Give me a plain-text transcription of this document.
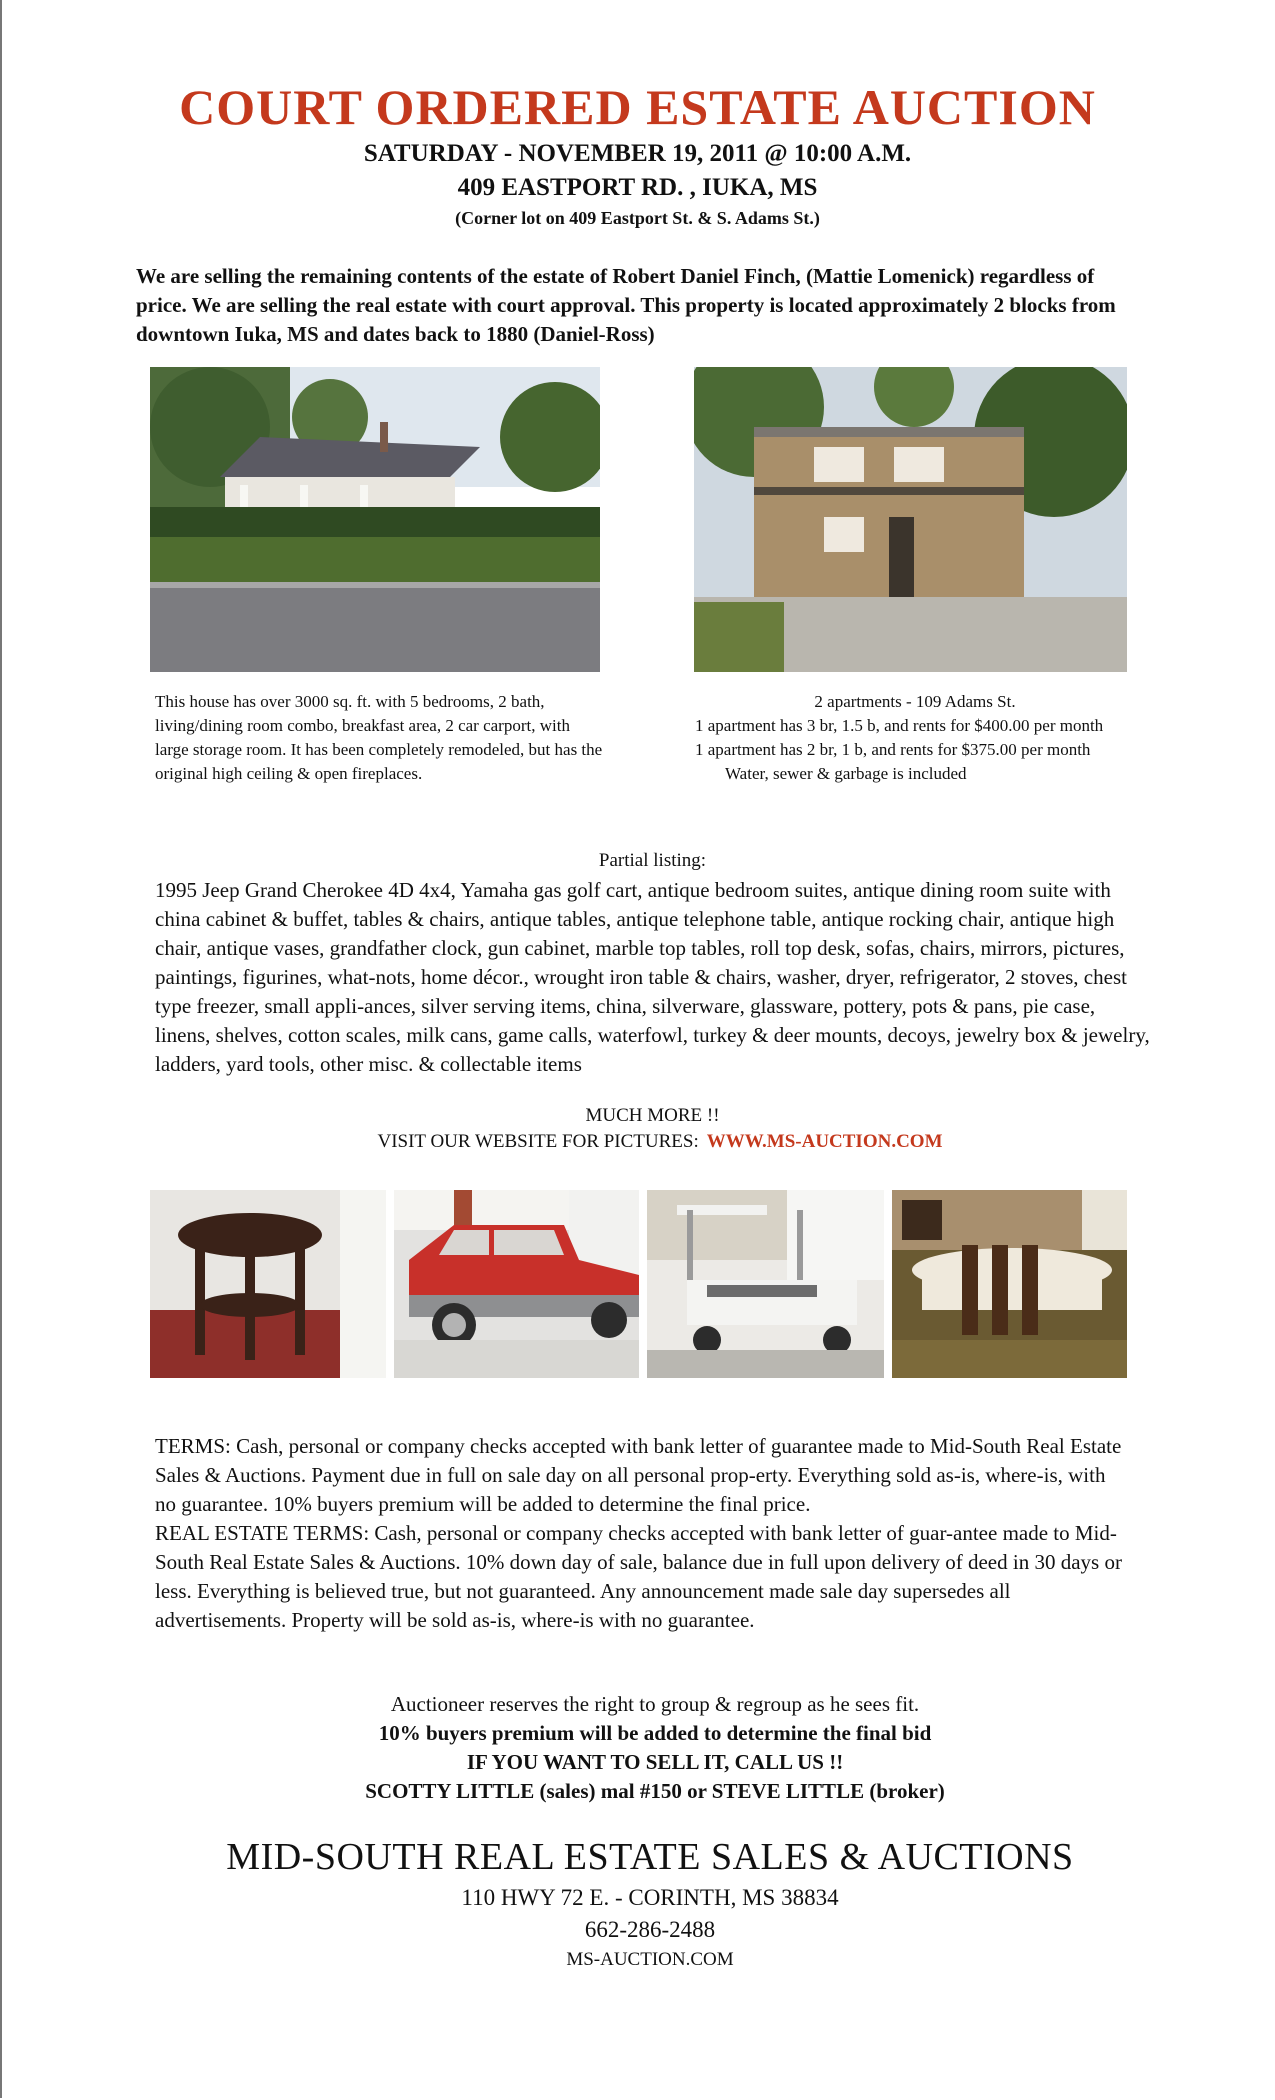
COURT ORDERED ESTATE AUCTION
SATURDAY - NOVEMBER 19, 2011 @ 10:00 A.M.
409 EASTPORT RD. , IUKA, MS
(Corner lot on 409 Eastport St. & S. Adams St.)
We are selling the remaining contents of the estate of Robert Daniel Finch, (Mattie Lomenick) regardless of price. We are selling the real estate with court approval. This property is located approximately 2 blocks from downtown Iuka, MS and dates back to 1880 (Daniel-Ross)
This house has over 3000 sq. ft. with 5 bedrooms, 2 bath, living/dining room combo, breakfast area, 2 car carport, with large storage room. It has been completely remodeled, but has the original high ceiling & open fireplaces.
2 apartments - 109 Adams St.
1 apartment has 3 br, 1.5 b, and rents for $400.00 per month
1 apartment has 2 br, 1 b, and rents for $375.00 per month
Water, sewer & garbage is included
Partial listing:
1995 Jeep Grand Cherokee 4D 4x4, Yamaha gas golf cart, antique bedroom suites, antique dining room suite with china cabinet & buffet, tables & chairs, antique tables, antique telephone table, antique rocking chair, antique high chair, antique vases, grandfather clock, gun cabinet, marble top tables, roll top desk, sofas, chairs, mirrors, pictures, paintings, figurines, what-nots, home décor., wrought iron table & chairs, washer, dryer, refrigerator, 2 stoves, chest type freezer, small appli-ances, silver serving items, china, silverware, glassware, pottery, pots & pans, pie case, linens, shelves, cotton scales, milk cans, game calls, waterfowl, turkey & deer mounts, decoys, jewelry box & jewelry, ladders, yard tools, other misc. & collectable items
MUCH MORE !!
VISIT OUR WEBSITE FOR PICTURES: WWW.MS-AUCTION.COM
TERMS: Cash, personal or company checks accepted with bank letter of guarantee made to Mid-South Real Estate Sales & Auctions. Payment due in full on sale day on all personal prop-erty. Everything sold as-is, where-is, with no guarantee. 10% buyers premium will be added to determine the final price.
REAL ESTATE TERMS: Cash, personal or company checks accepted with bank letter of guar-antee made to Mid-South Real Estate Sales & Auctions. 10% down day of sale, balance due in full upon delivery of deed in 30 days or less. Everything is believed true, but not guaranteed. Any announcement made sale day supersedes all advertisements. Property will be sold as-is, where-is with no guarantee.
Auctioneer reserves the right to group & regroup as he sees fit.
10% buyers premium will be added to determine the final bid
IF YOU WANT TO SELL IT, CALL US !!
SCOTTY LITTLE (sales) mal #150 or STEVE LITTLE (broker)
MID-SOUTH REAL ESTATE SALES & AUCTIONS
110 HWY 72 E. - CORINTH, MS 38834
662-286-2488
MS-AUCTION.COM
